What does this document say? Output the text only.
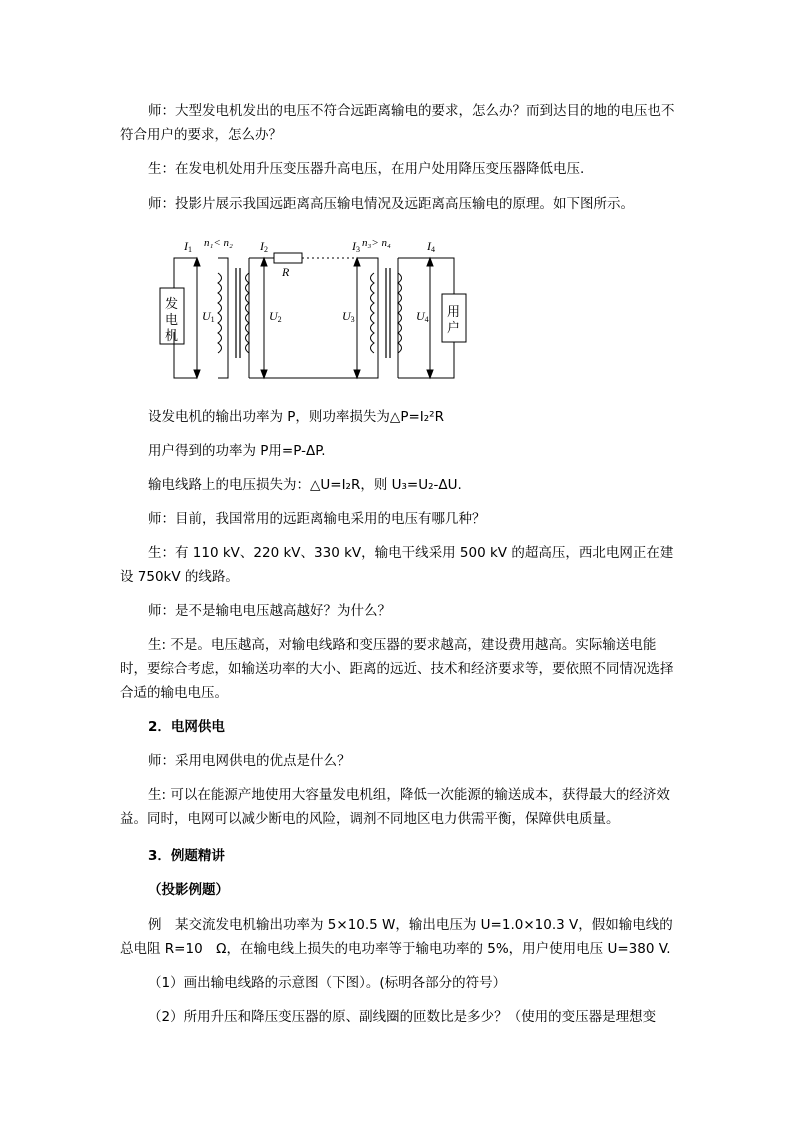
师：大型发电机发出的电压不符合远距离输电的要求，怎么办？而到达目的地的电压也不符合用户的要求，怎么办？
生：在发电机处用升压变压器升高电压，在用户处用降压变压器降低电压.
师：投影片展示我国远距离高压输电情况及远距离高压输电的原理。如下图所示。
I1
n₁< n₂ I2
R
I3
n₃> n₄	I4
发
电
机
用
户
U1	U2	U3	U4
设发电机的输出功率为 P，则功率损失为△P=I₂²R
用户得到的功率为 P用=P-ΔP.
输电线路上的电压损失为：△U=I₂R，则 U₃=U₂-ΔU.
师：目前，我国常用的远距离输电采用的电压有哪几种？
生：有 110 kV、220 kV、330 kV，输电干线采用 500 kV 的超高压，西北电网正在建设 750kV 的线路。
师：是不是输电电压越高越好？为什么？
生: 不是。电压越高，对输电线路和变压器的要求越高，建设费用越高。实际输送电能时，要综合考虑，如输送功率的大小、距离的远近、技术和经济要求等，要依照不同情况选择合适的输电电压。
2．电网供电
师：采用电网供电的优点是什么？
生: 可以在能源产地使用大容量发电机组，降低一次能源的输送成本，获得最大的经济效益。同时，电网可以减少断电的风险，调剂不同地区电力供需平衡，保障供电质量。
3．例题精讲
（投影例题）
例　某交流发电机输出功率为 5×10.5 W，输出电压为 U=1.0×10.3 V，假如输电线的总电阻 R=10　Ω，在输电线上损失的电功率等于输电功率的 5%，用户使用电压 U=380 V.
（1）画出输电线路的示意图（下图）。(标明各部分的符号）
（2）所用升压和降压变压器的原、副线圈的匝数比是多少？（使用的变压器是理想变
